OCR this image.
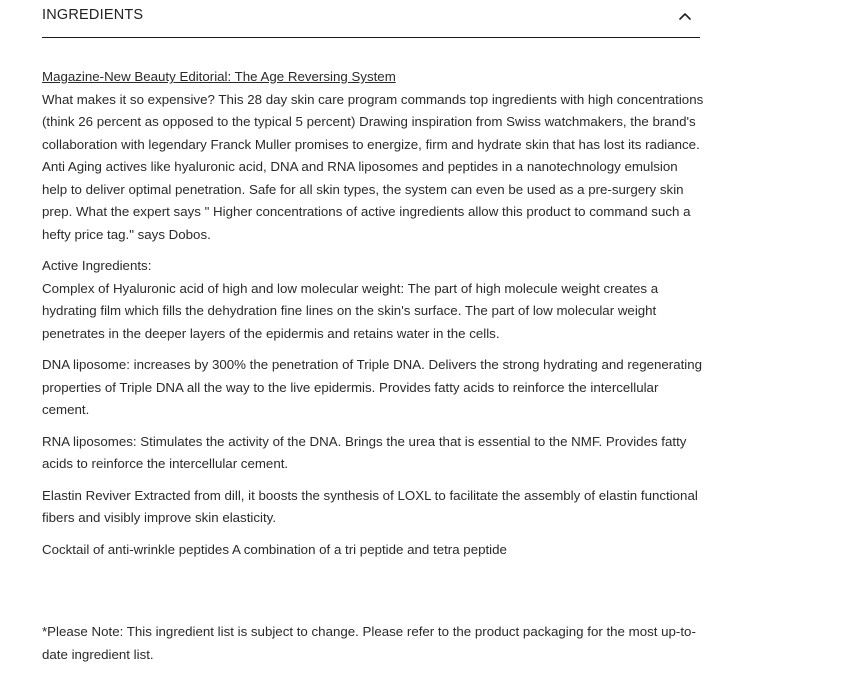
INGREDIENTS

Magazine-New Beauty Editorial: The Age Reversing System
What makes it so expensive? This 28 day skin care program commands top ingredients with high concentrations (think 26 percent as opposed to the typical 5 percent) Drawing inspiration from Swiss watchmakers, the brand's collaboration with legendary Franck Muller promises to energize, firm and hydrate skin that has lost its radiance. Anti Aging actives like hyaluronic acid, DNA and RNA liposomes and peptides in a nanotechnology emulsion help to deliver optimal penetration. Safe for all skin types, the system can even be used as a pre-surgery skin prep. What the expert says " Higher concentrations of active ingredients allow this product to command such a hefty price tag." says Dobos.

Active Ingredients:
Complex of Hyaluronic acid of high and low molecular weight: The part of high molecule weight creates a hydrating film which fills the dehydration fine lines on the skin's surface. The part of low molecular weight penetrates in the deeper layers of the epidermis and retains water in the cells.

DNA liposome: increases by 300% the penetration of Triple DNA. Delivers the strong hydrating and regenerating properties of Triple DNA all the way to the live epidermis. Provides fatty acids to reinforce the intercellular cement.

RNA liposomes: Stimulates the activity of the DNA. Brings the urea that is essential to the NMF. Provides fatty acids to reinforce the intercellular cement.

Elastin Reviver Extracted from dill, it boosts the synthesis of LOXL to facilitate the assembly of elastin functional fibers and visibly improve skin elasticity.

Cocktail of anti-wrinkle peptides A combination of a tri peptide and tetra peptide

*Please Note: This ingredient list is subject to change. Please refer to the product packaging for the most up-to-date ingredient list.
